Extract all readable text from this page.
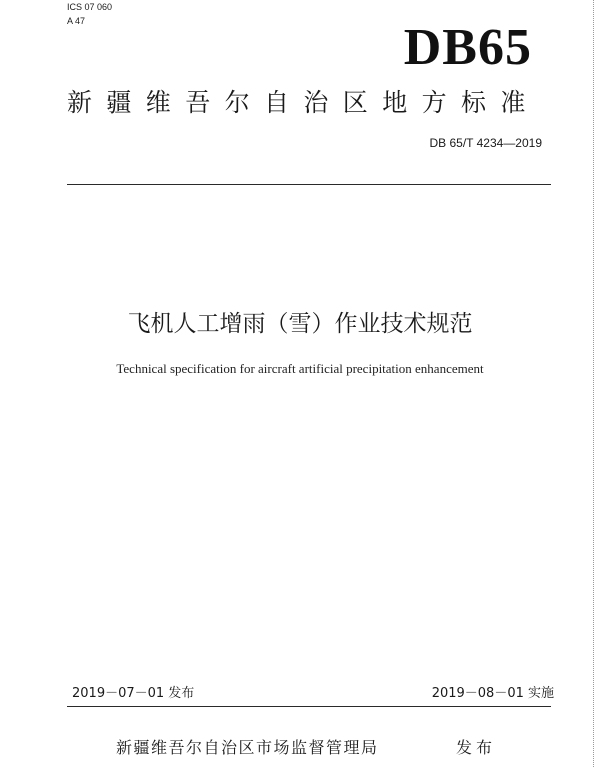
ICS 07 060
A 47	DB65
新疆维吾尔自治区地方标准
DB 65/T 4234—2019
飞机人工增雨（雪）作业技术规范
Technical specification for aircraft artificial precipitation enhancement
2019－07－01 发布	2019－08－01 实施
新疆维吾尔自治区市场监督管理局	发布
